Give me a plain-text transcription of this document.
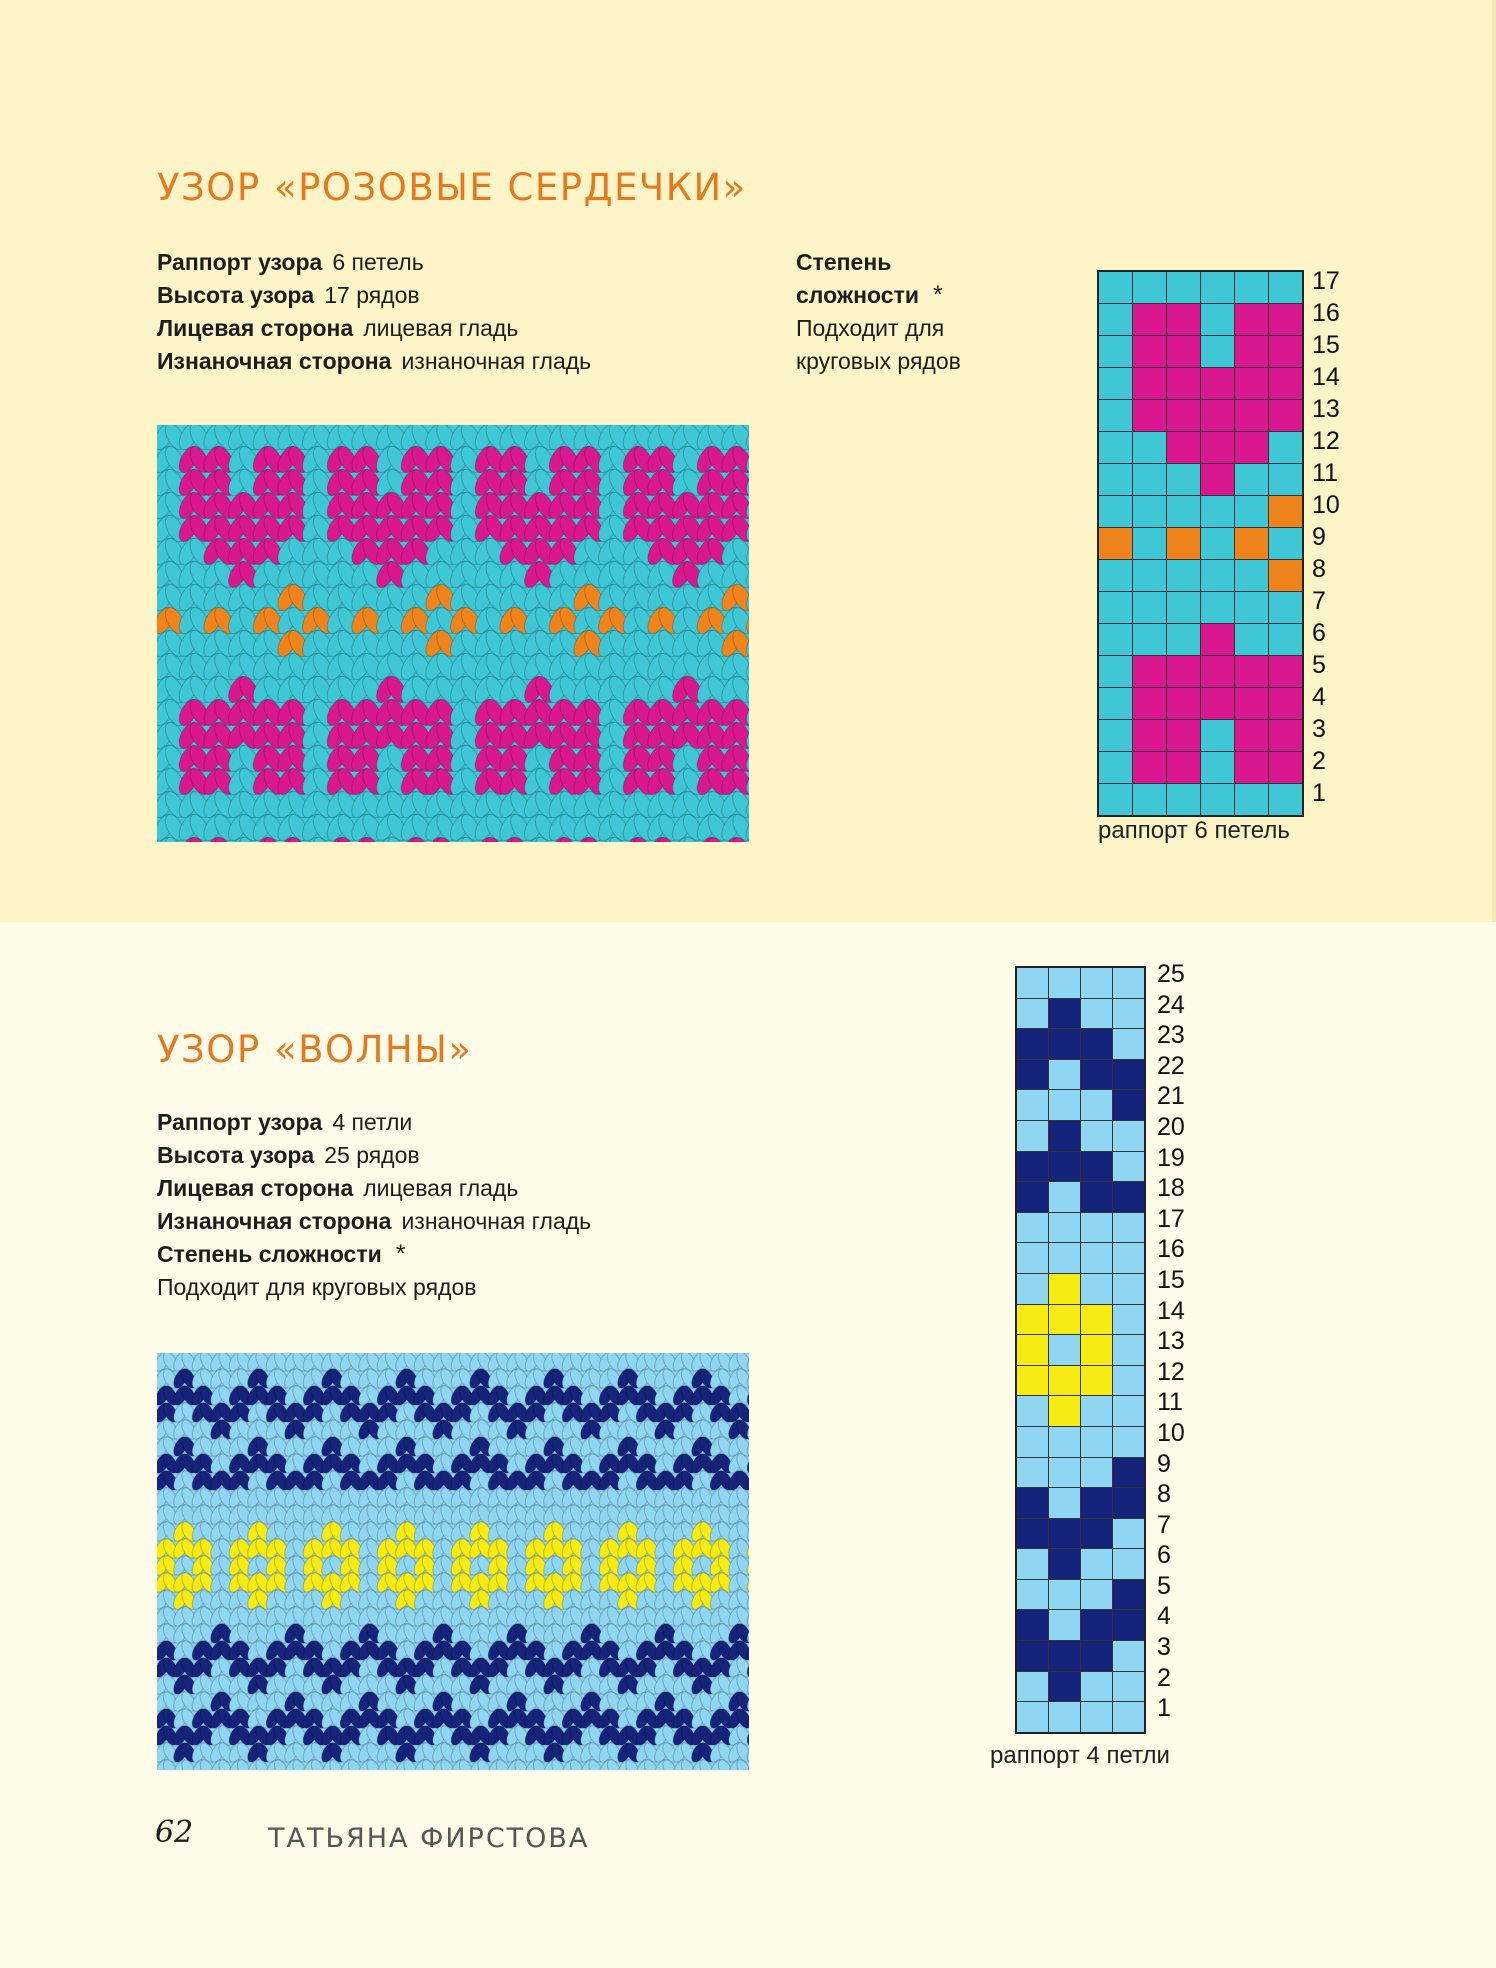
УЗОР «РОЗОВЫЕ СЕРДЕЧКИ»
Раппорт узора 6 петель
Высота узора 17 рядов
Лицевая сторона лицевая гладь
Изнаночная сторона изнаночная гладь
Степень
сложности *
Подходит для
круговых рядов
17
16
15
14
13
12
11
10
9
8
7
6
5
4
3
2
1
раппорт 6 петель
УЗОР «ВОЛНЫ»
Раппорт узора 4 петли
Высота узора 25 рядов
Лицевая сторона лицевая гладь
Изнаночная сторона изнаночная гладь
Степень сложности *
Подходит для круговых рядов
25
24
23
22
21
20
19
18
17
16
15
14
13
12
11
10
9
8
7
6
5
4
3
2
1
раппорт 4 петли
62	ТАТЬЯНА ФИРСТОВА
